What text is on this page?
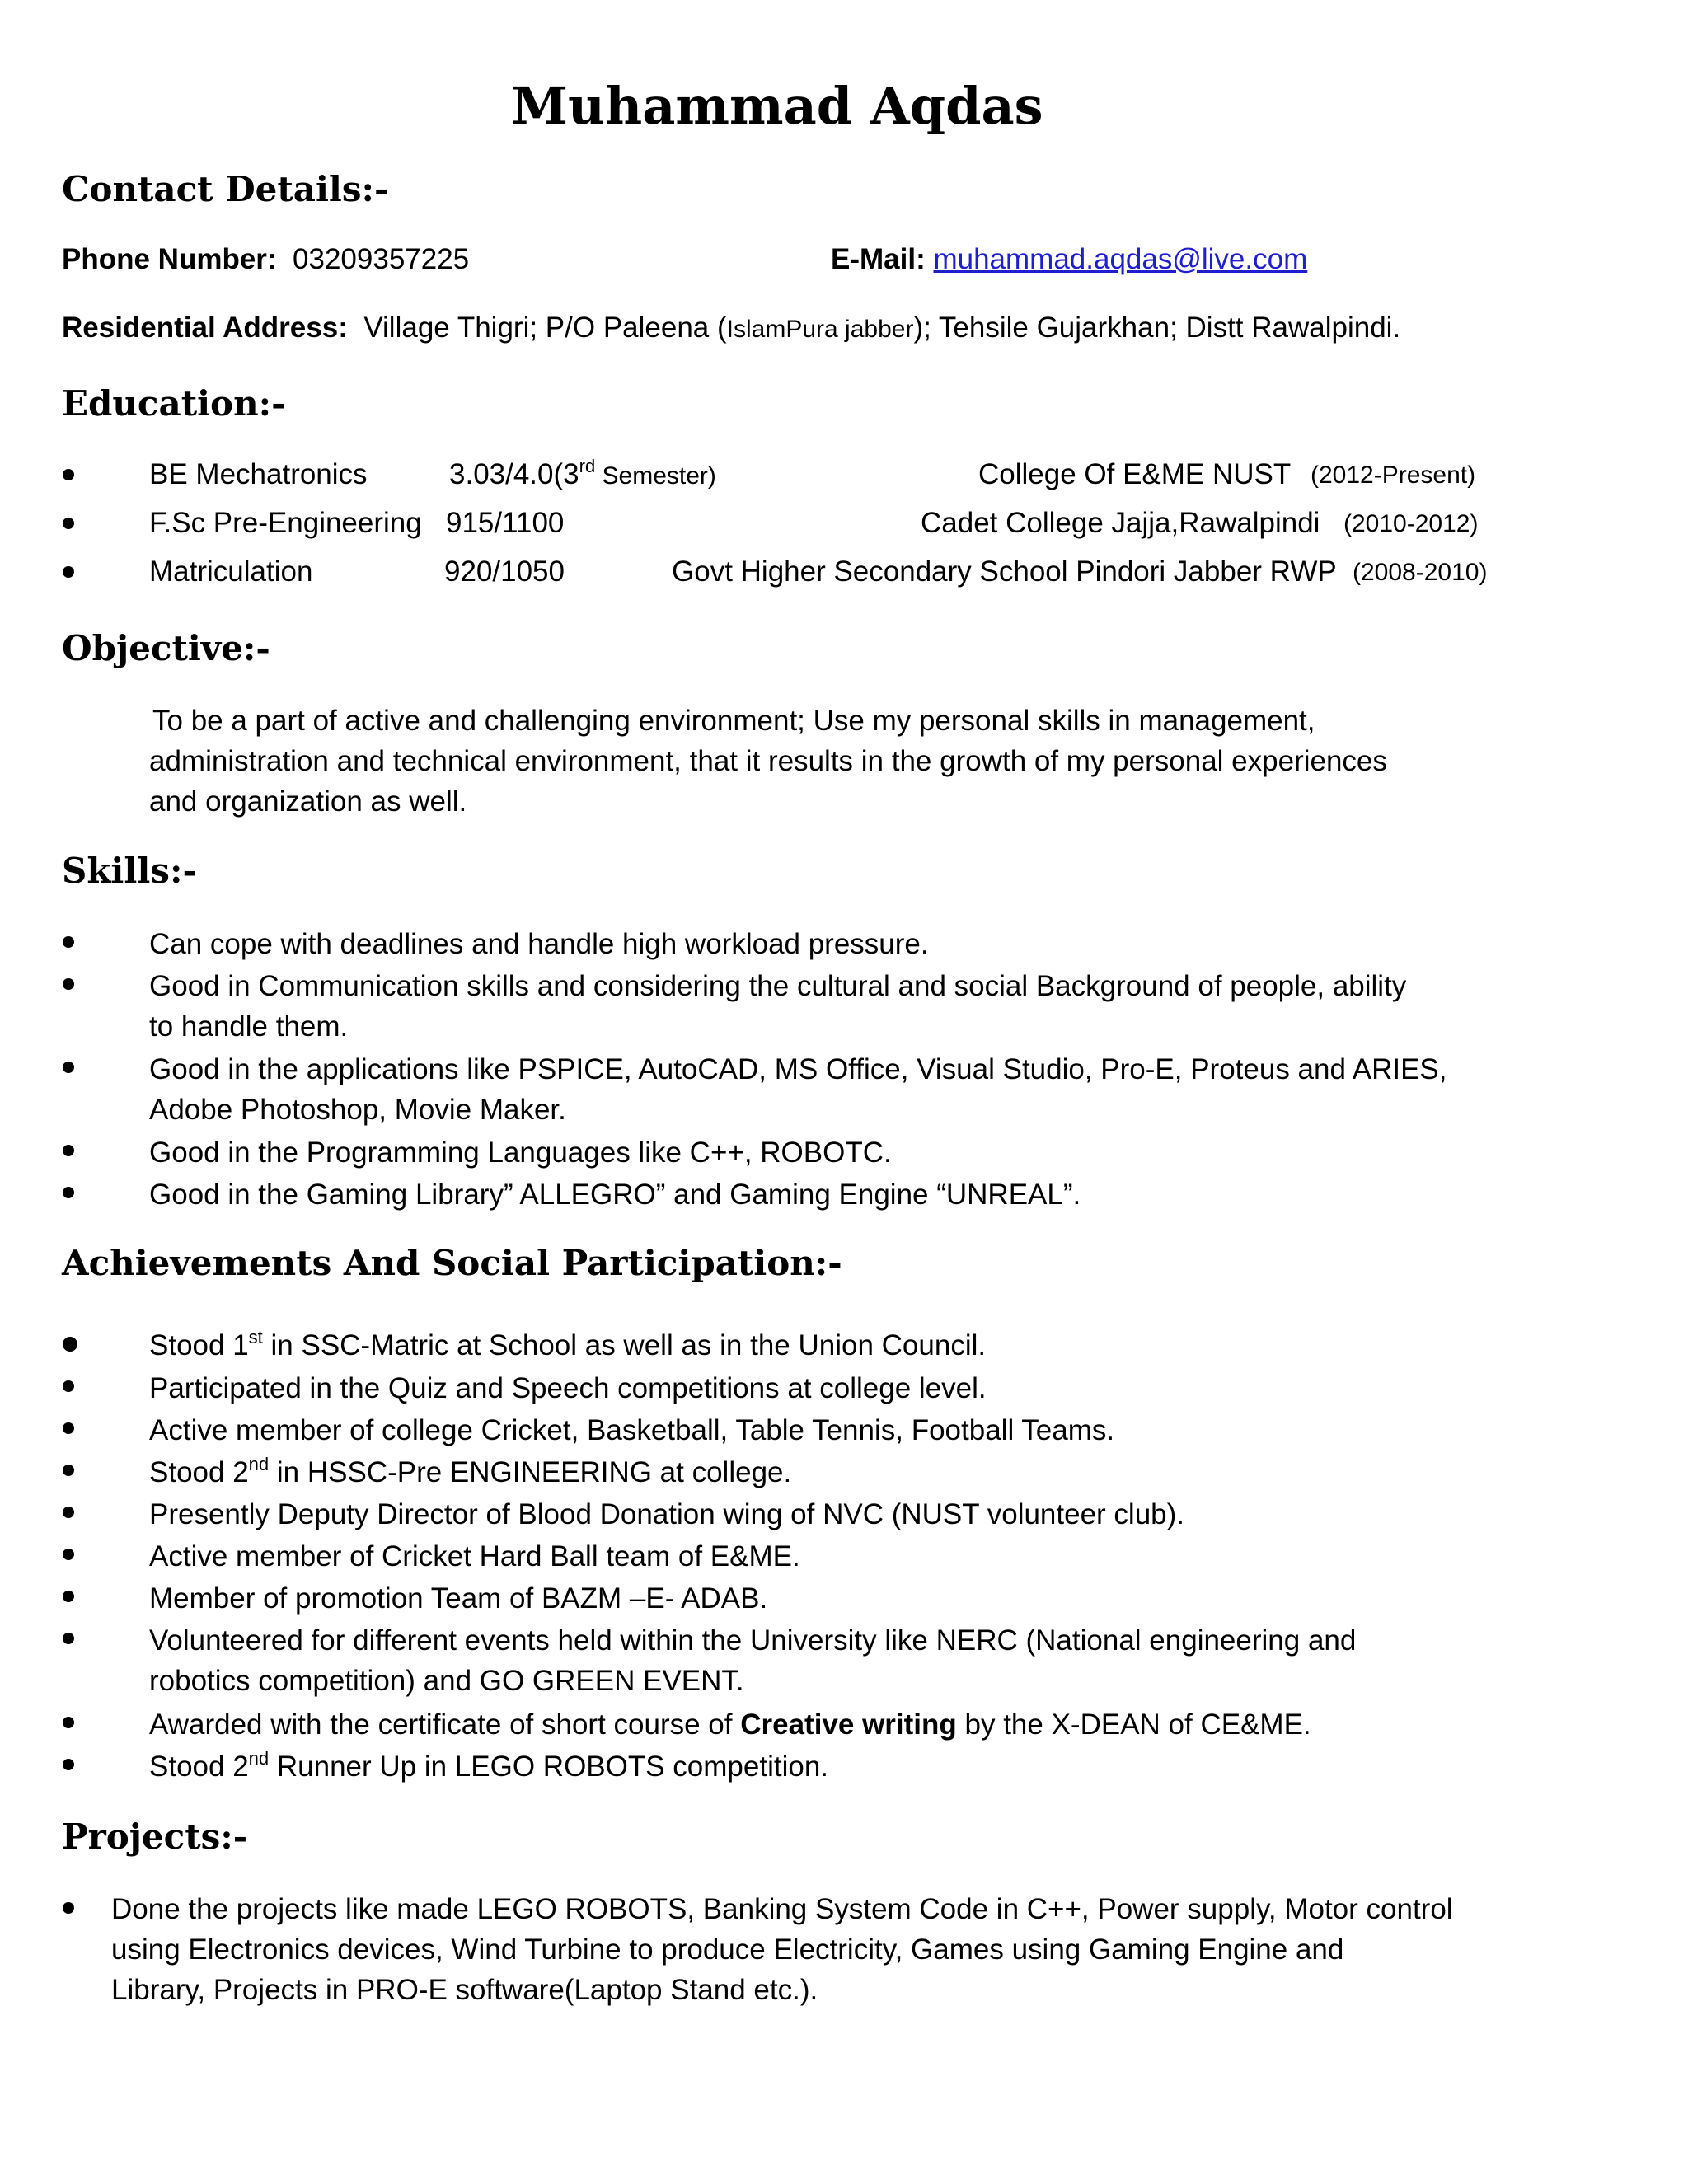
Muhammad Aqdas
Contact Details:-
Phone Number: 03209357225	E-Mail: muhammad.aqdas@live.com
Residential Address: Village Thigri; P/O Paleena (IslamPura jabber); Tehsile Gujarkhan; Distt Rawalpindi.
Education:-
BE Mechatronics	3.03/4.0(3rd Semester)	College Of E&ME NUST (2012-Present)
F.Sc Pre-Engineering 915/1100	Cadet College Jajja,Rawalpindi (2010-2012)
Matriculation	920/1050	Govt Higher Secondary School Pindori Jabber RWP (2008-2010)
Objective:-
To be a part of active and challenging environment; Use my personal skills in management,
administration and technical environment, that it results in the growth of my personal experiences
and organization as well.
Skills:-
Can cope with deadlines and handle high workload pressure.
Good in Communication skills and considering the cultural and social Background of people, ability
to handle them.
Good in the applications like PSPICE, AutoCAD, MS Office, Visual Studio, Pro-E, Proteus and ARIES,
Adobe Photoshop, Movie Maker.
Good in the Programming Languages like C++, ROBOTC.
Good in the Gaming Library” ALLEGRO” and Gaming Engine “UNREAL”.
Achievements And Social Participation:-
Stood 1st in SSC-Matric at School as well as in the Union Council.
Participated in the Quiz and Speech competitions at college level.
Active member of college Cricket, Basketball, Table Tennis, Football Teams.
Stood 2nd in HSSC-Pre ENGINEERING at college.
Presently Deputy Director of Blood Donation wing of NVC (NUST volunteer club).
Active member of Cricket Hard Ball team of E&ME.
Member of promotion Team of BAZM –E- ADAB.
Volunteered for different events held within the University like NERC (National engineering and
robotics competition) and GO GREEN EVENT.
Awarded with the certificate of short course of Creative writing by the X-DEAN of CE&ME.
Stood 2nd Runner Up in LEGO ROBOTS competition.
Projects:-
Done the projects like made LEGO ROBOTS, Banking System Code in C++, Power supply, Motor control
using Electronics devices, Wind Turbine to produce Electricity, Games using Gaming Engine and
Library, Projects in PRO-E software(Laptop Stand etc.).
